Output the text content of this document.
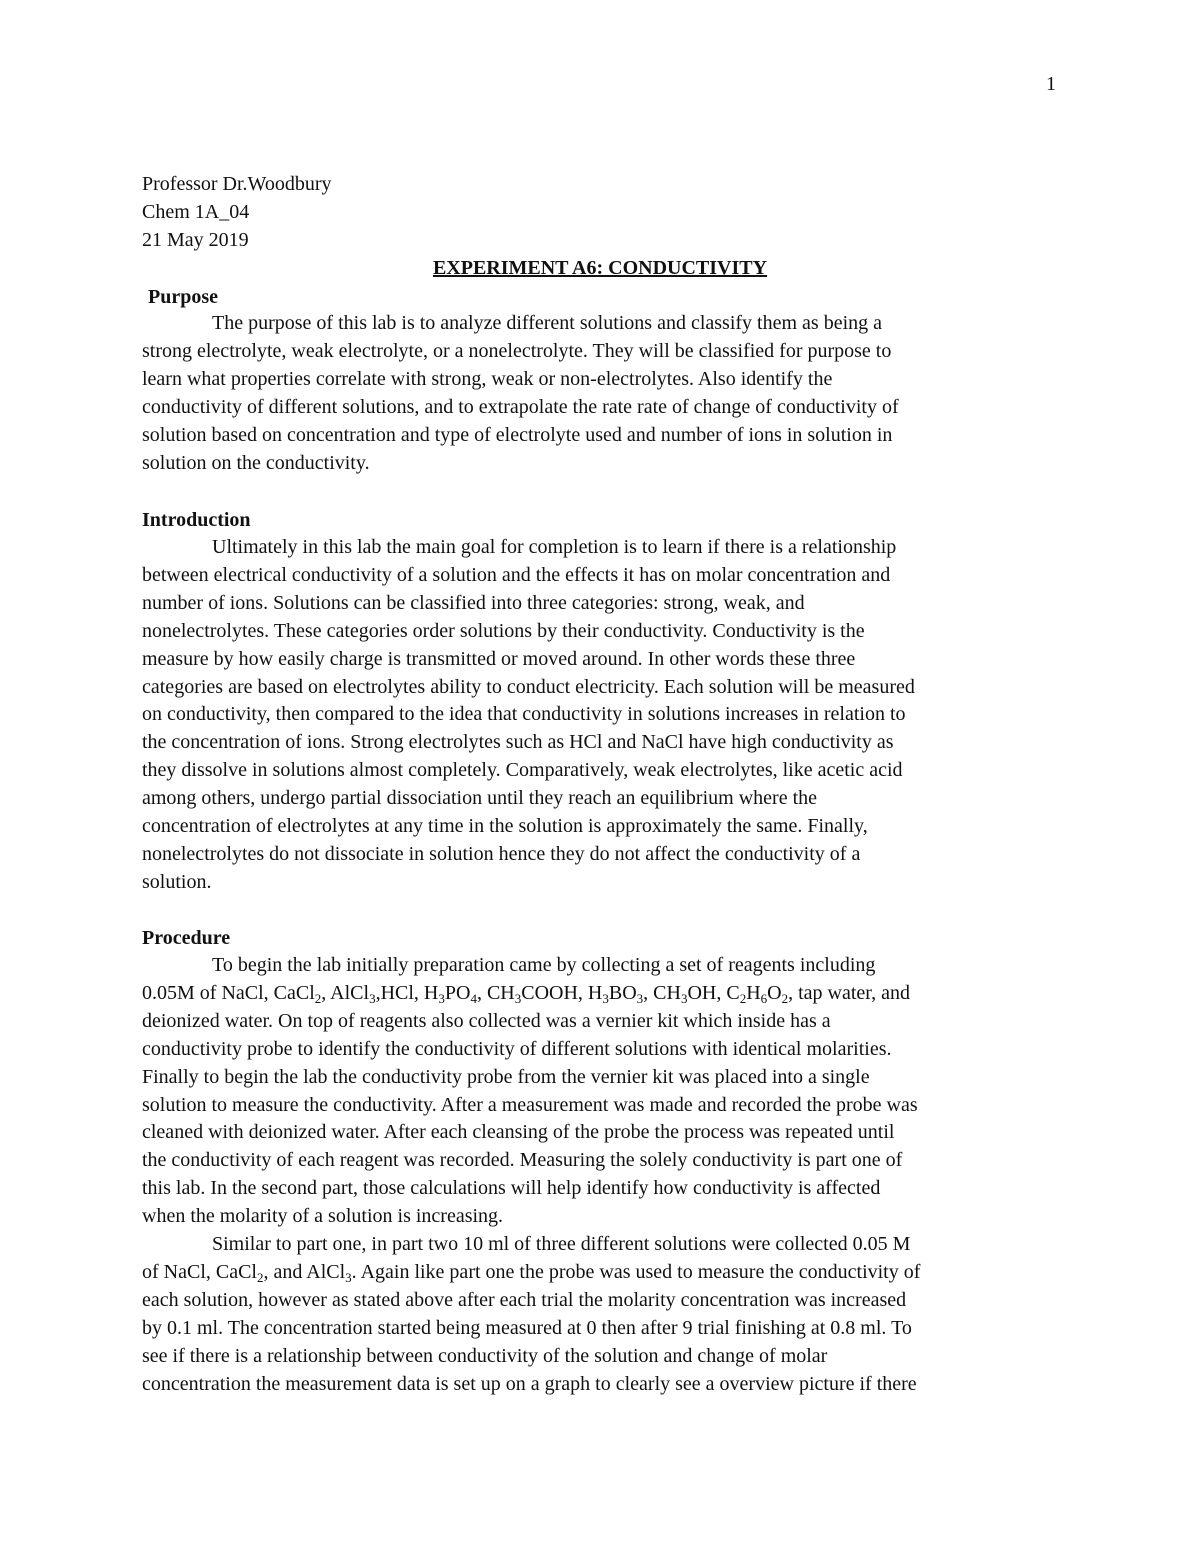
1
Professor Dr.Woodbury
Chem 1A_04
21 May 2019
EXPERIMENT A6: CONDUCTIVITY
Purpose
The purpose of this lab is to analyze different solutions and classify them as being a
strong electrolyte, weak electrolyte, or a nonelectrolyte. They will be classified for purpose to
learn what properties correlate with strong, weak or non-electrolytes. Also identify the
conductivity of different solutions, and to extrapolate the rate rate of change of conductivity of
solution based on concentration and type of electrolyte used and number of ions in solution in
solution on the conductivity.
Introduction
Ultimately in this lab the main goal for completion is to learn if there is a relationship
between electrical conductivity of a solution and the effects it has on molar concentration and
number of ions. Solutions can be classified into three categories: strong, weak, and
nonelectrolytes. These categories order solutions by their conductivity. Conductivity is the
measure by how easily charge is transmitted or moved around. In other words these three
categories are based on electrolytes ability to conduct electricity. Each solution will be measured
on conductivity, then compared to the idea that conductivity in solutions increases in relation to
the concentration of ions. Strong electrolytes such as HCl and NaCl have high conductivity as
they dissolve in solutions almost completely. Comparatively, weak electrolytes, like acetic acid
among others, undergo partial dissociation until they reach an equilibrium where the
concentration of electrolytes at any time in the solution is approximately the same. Finally,
nonelectrolytes do not dissociate in solution hence they do not affect the conductivity of a
solution.
Procedure
To begin the lab initially preparation came by collecting a set of reagents including
0.05M of NaCl, CaCl$_2$, AlCl$_3$,HCl, $H_3PO_4$, $CH_3COOH$, $H_3BO_3$, $CH_3OH$, $C_2H_6O_2$, tap water, and
deionized water. On top of reagents also collected was a vernier kit which inside has a
conductivity probe to identify the conductivity of different solutions with identical molarities.
Finally to begin the lab the conductivity probe from the vernier kit was placed into a single
solution to measure the conductivity. After a measurement was made and recorded the probe was
cleaned with deionized water. After each cleansing of the probe the process was repeated until
the conductivity of each reagent was recorded. Measuring the solely conductivity is part one of
this lab. In the second part, those calculations will help identify how conductivity is affected
when the molarity of a solution is increasing.
Similar to part one, in part two 10 ml of three different solutions were collected 0.05 M
of NaCl, CaCl$_2$, and AlCl$_3$. Again like part one the probe was used to measure the conductivity of
each solution, however as stated above after each trial the molarity concentration was increased
by 0.1 ml. The concentration started being measured at 0 then after 9 trial finishing at 0.8 ml. To
see if there is a relationship between conductivity of the solution and change of molar
concentration the measurement data is set up on a graph to clearly see a overview picture if there
